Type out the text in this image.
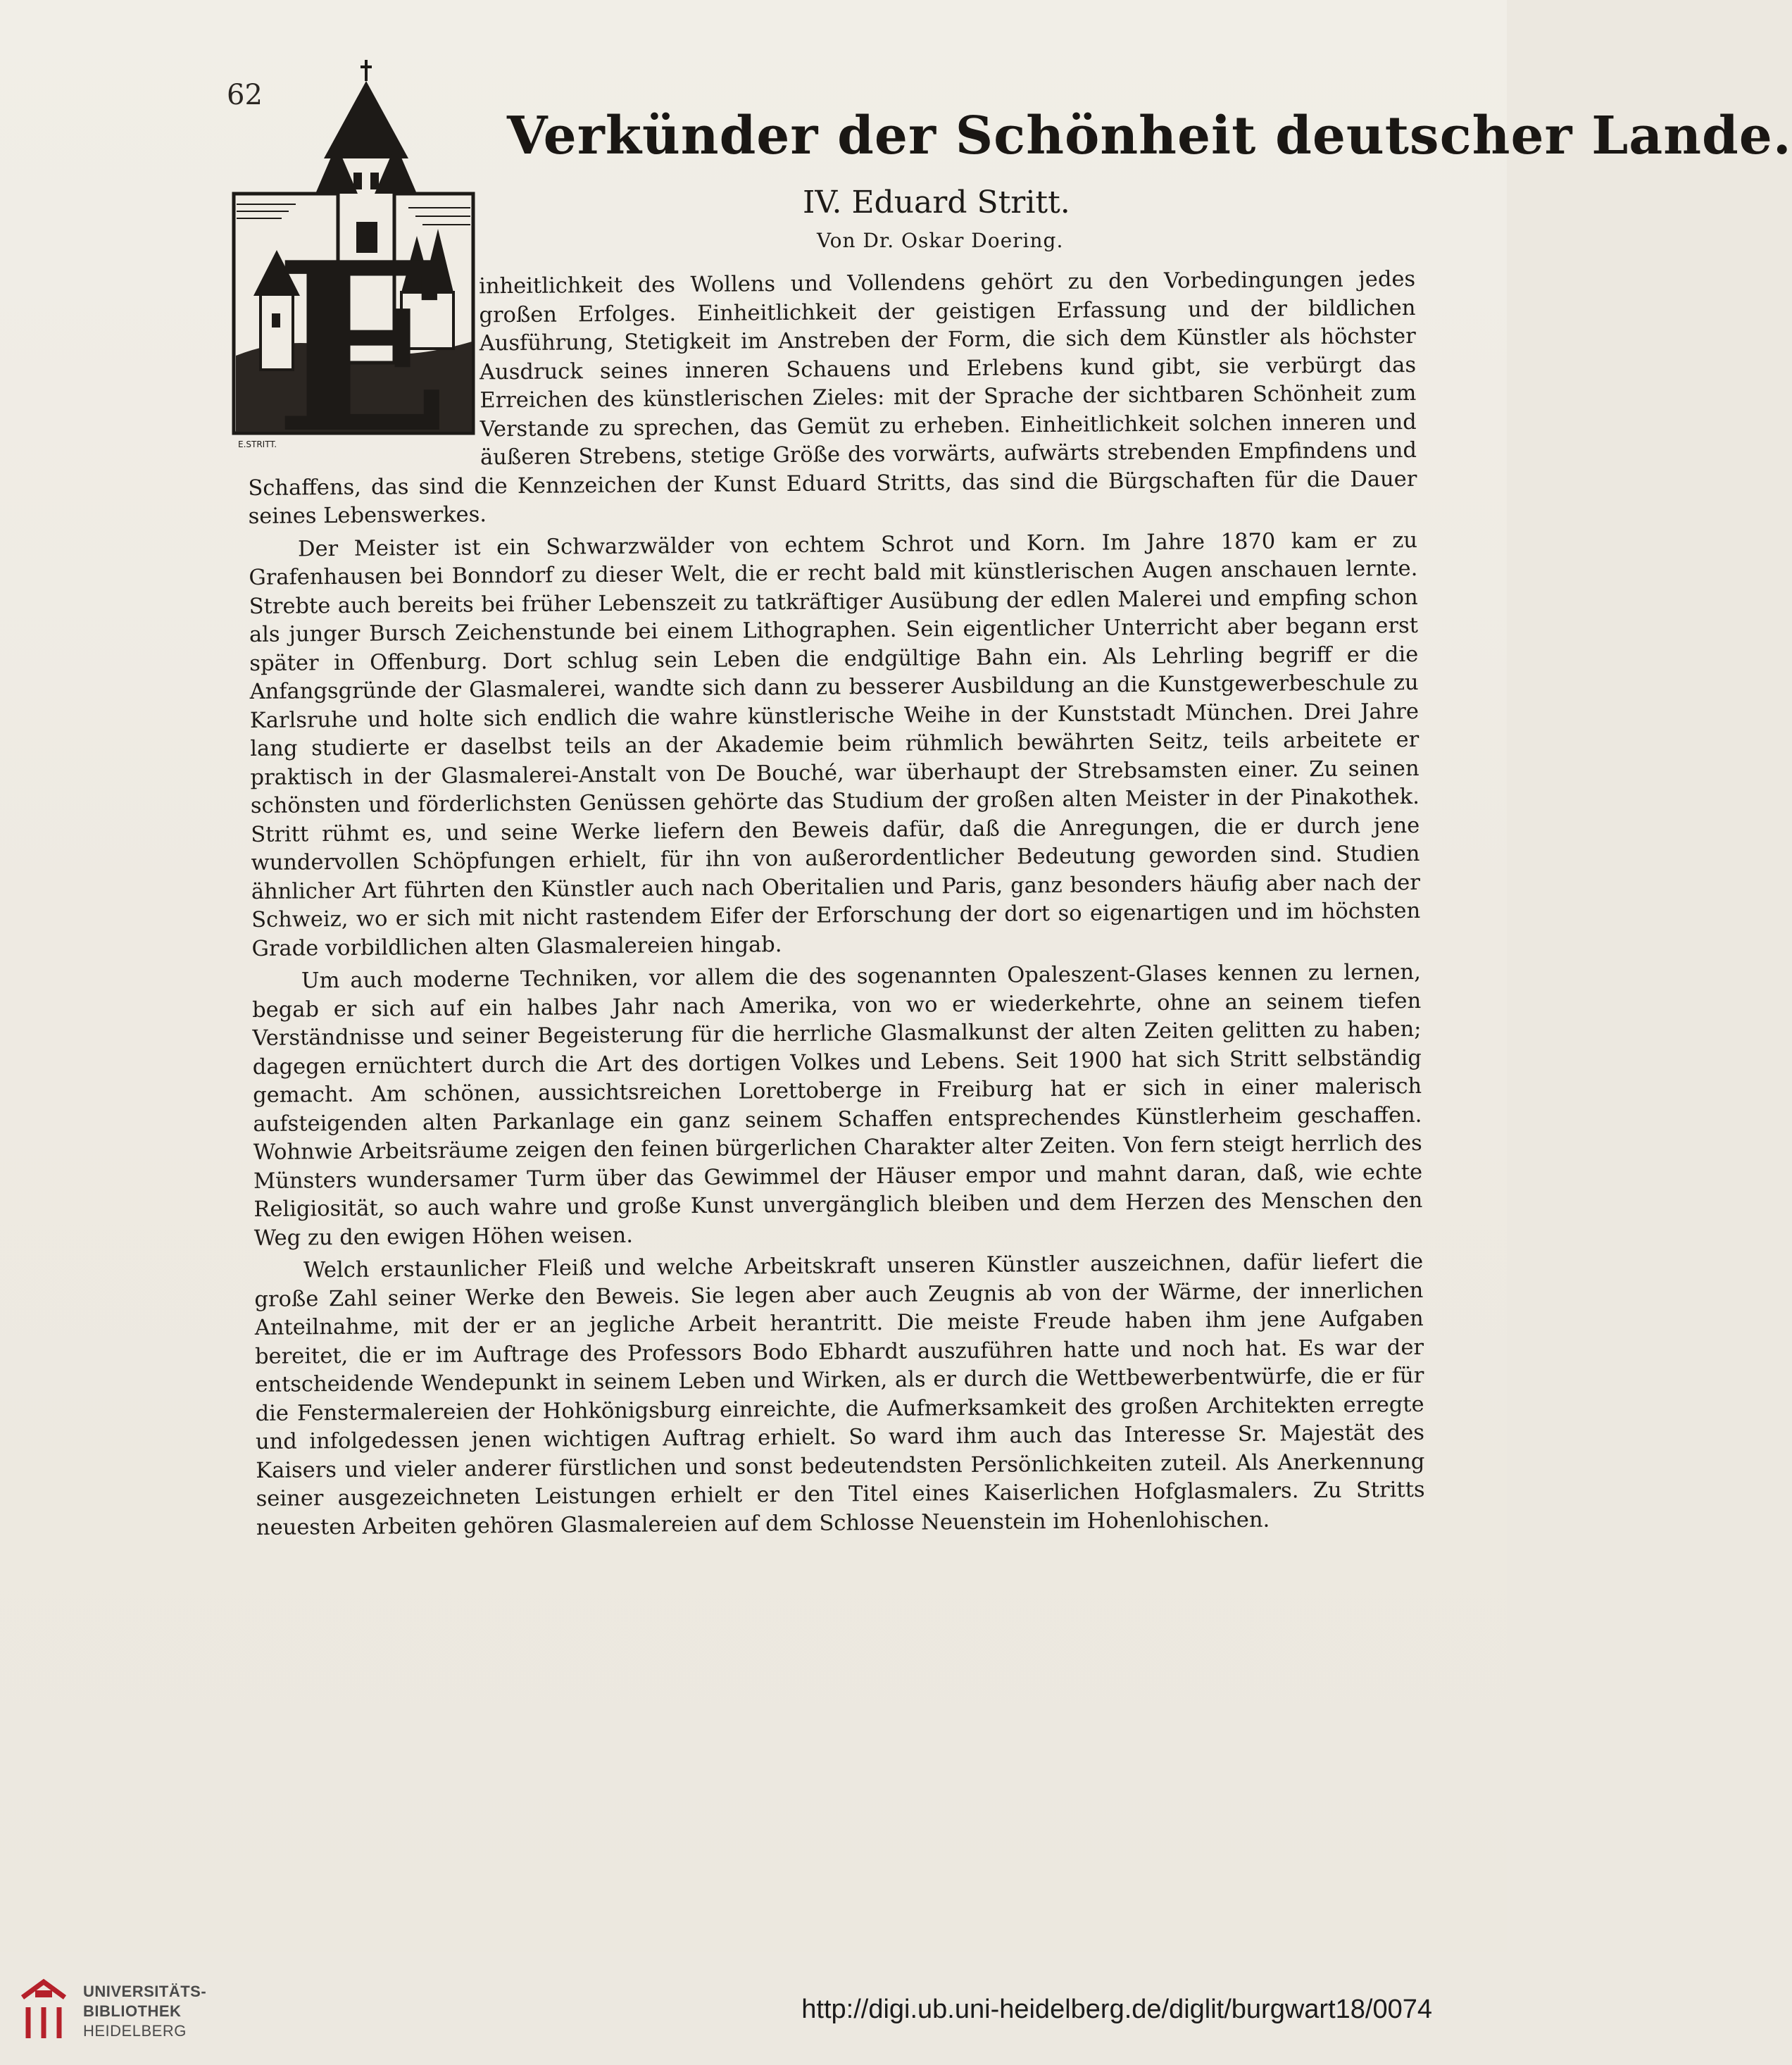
62
E
E.STRITT.
Verkünder der Schönheit deutscher Lande.
IV. Eduard Stritt.
Von Dr. Oskar Doering.

inheitlichkeit des Wollens und Vollendens gehört zu den Vorbedingungen jedes großen Erfolges. Einheitlichkeit der geistigen Erfassung und der bildlichen Ausführung, Stetigkeit im Anstreben der Form, die sich dem Künstler als höchster Ausdruck seines inneren Schauens und Erlebens kund gibt, sie verbürgt das Erreichen des künstlerischen Zieles: mit der Sprache der sichtbaren Schönheit zum Verstande zu sprechen, das Gemüt zu erheben. Einheitlichkeit solchen inneren und äußeren Strebens, stetige Größe des vorwärts, aufwärts strebenden Empfindens und Schaffens, das sind die Kennzeichen der Kunst Eduard Stritts, das sind die Bürgschaften für die Dauer seines Lebenswerkes.

Der Meister ist ein Schwarzwälder von echtem Schrot und Korn. Im Jahre 1870 kam er zu Grafenhausen bei Bonndorf zu dieser Welt, die er recht bald mit künstlerischen Augen anschauen lernte. Strebte auch bereits bei früher Lebenszeit zu tatkräftiger Ausübung der edlen Malerei und empfing schon als junger Bursch Zeichenstunde bei einem Lithographen. Sein eigentlicher Unterricht aber begann erst später in Offenburg. Dort schlug sein Leben die endgültige Bahn ein. Als Lehrling begriff er die Anfangsgründe der Glasmalerei, wandte sich dann zu besserer Ausbildung an die Kunstgewerbeschule zu Karlsruhe und holte sich endlich die wahre künstlerische Weihe in der Kunststadt München. Drei Jahre lang studierte er daselbst teils an der Akademie beim rühmlich bewährten Seitz, teils arbeitete er praktisch in der Glasmalerei-Anstalt von De Bouché, war überhaupt der Strebsamsten einer. Zu seinen schönsten und förderlichsten Genüssen gehörte das Studium der großen alten Meister in der Pinakothek. Stritt rühmt es, und seine Werke liefern den Beweis dafür, daß die Anregungen, die er durch jene wundervollen Schöpfungen erhielt, für ihn von außerordentlicher Bedeutung geworden sind. Studien ähnlicher Art führten den Künstler auch nach Oberitalien und Paris, ganz besonders häufig aber nach der Schweiz, wo er sich mit nicht rastendem Eifer der Erforschung der dort so eigenartigen und im höchsten Grade vorbildlichen alten Glasmalereien hingab.

Um auch moderne Techniken, vor allem die des sogenannten Opaleszent-Glases kennen zu lernen, begab er sich auf ein halbes Jahr nach Amerika, von wo er wiederkehrte, ohne an seinem tiefen Verständnisse und seiner Begeisterung für die herrliche Glasmalkunst der alten Zeiten gelitten zu haben; dagegen ernüchtert durch die Art des dortigen Volkes und Lebens. Seit 1900 hat sich Stritt selbständig gemacht. Am schönen, aussichtsreichen Lorettoberge in Freiburg hat er sich in einer malerisch aufsteigenden alten Parkanlage ein ganz seinem Schaffen entsprechendes Künstlerheim geschaffen. Wohnwie Arbeitsräume zeigen den feinen bürgerlichen Charakter alter Zeiten. Von fern steigt herrlich des Münsters wundersamer Turm über das Gewimmel der Häuser empor und mahnt daran, daß, wie echte Religiosität, so auch wahre und große Kunst unvergänglich bleiben und dem Herzen des Menschen den Weg zu den ewigen Höhen weisen.

Welch erstaunlicher Fleiß und welche Arbeitskraft unseren Künstler auszeichnen, dafür liefert die große Zahl seiner Werke den Beweis. Sie legen aber auch Zeugnis ab von der Wärme, der innerlichen Anteilnahme, mit der er an jegliche Arbeit herantritt. Die meiste Freude haben ihm jene Aufgaben bereitet, die er im Auftrage des Professors Bodo Ebhardt auszuführen hatte und noch hat. Es war der entscheidende Wendepunkt in seinem Leben und Wirken, als er durch die Wettbewerbentwürfe, die er für die Fenstermalereien der Hohkönigsburg einreichte, die Aufmerksamkeit des großen Architekten erregte und infolgedessen jenen wichtigen Auftrag erhielt. So ward ihm auch das Interesse Sr. Majestät des Kaisers und vieler anderer fürstlichen und sonst bedeutendsten Persönlichkeiten zuteil. Als Anerkennung seiner ausgezeichneten Leistungen erhielt er den Titel eines Kaiserlichen Hofglasmalers. Zu Stritts neuesten Arbeiten gehören Glasmalereien auf dem Schlosse Neuenstein im Hohenlohischen.

UNIVERSITÄTS-
BIBLIOTHEK
HEIDELBERG
http://digi.ub.uni-heidelberg.de/diglit/burgwart18/0074
